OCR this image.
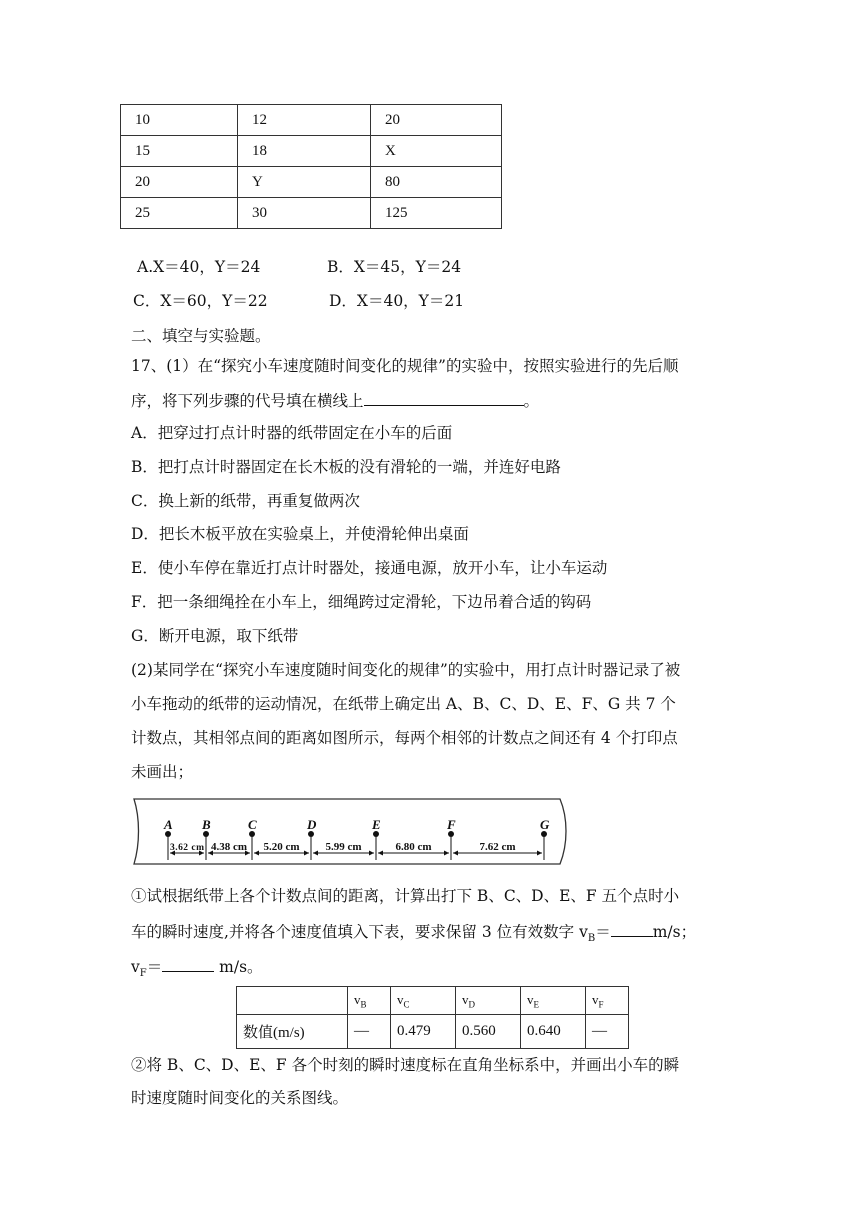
10	12	20
15	18	X
20	Y	80
25	30	125
A.X＝40，Y＝24	B．X＝45，Y＝24
C．X＝60，Y＝22	D．X＝40，Y＝21
二、填空与实验题。
17、(1）在“探究小车速度随时间变化的规律”的实验中，按照实验进行的先后顺
序，将下列步骤的代号填在横线上	。
A．把穿过打点计时器的纸带固定在小车的后面
B．把打点计时器固定在长木板的没有滑轮的一端，并连好电路
C．换上新的纸带，再重复做两次
D．把长木板平放在实验桌上，并使滑轮伸出桌面
E．使小车停在靠近打点计时器处，接通电源，放开小车，让小车运动
F．把一条细绳拴在小车上，细绳跨过定滑轮，下边吊着合适的钩码
G．断开电源，取下纸带
(2)某同学在“探究小车速度随时间变化的规律”的实验中，用打点计时器记录了被
小车拖动的纸带的运动情况，在纸带上确定出 A、B、C、D、E、F、G 共 7 个
计数点，其相邻点间的距离如图所示，每两个相邻的计数点之间还有 4 个打印点
未画出；
A B	C	D	E	F	G
3.62 cm 4.38 cm 5.20 cm 5.99 cm	6.80 cm	7.62 cm
①试根据纸带上各个计数点间的距离，计算出打下 B、C、D、E、F 五个点时小
车的瞬时速度,并将各个速度值填入下表，要求保留 3 位有效数字 $v_B=$	m/s；
$v_F=$	m/s。
	$v_B$	$v_C$	$v_D$	$v_E$	$v_F$
数值(m/s)	—	0.479	0.560	0.640	—
②将 B、C、D、E、F 各个时刻的瞬时速度标在直角坐标系中，并画出小车的瞬
时速度随时间变化的关系图线。
